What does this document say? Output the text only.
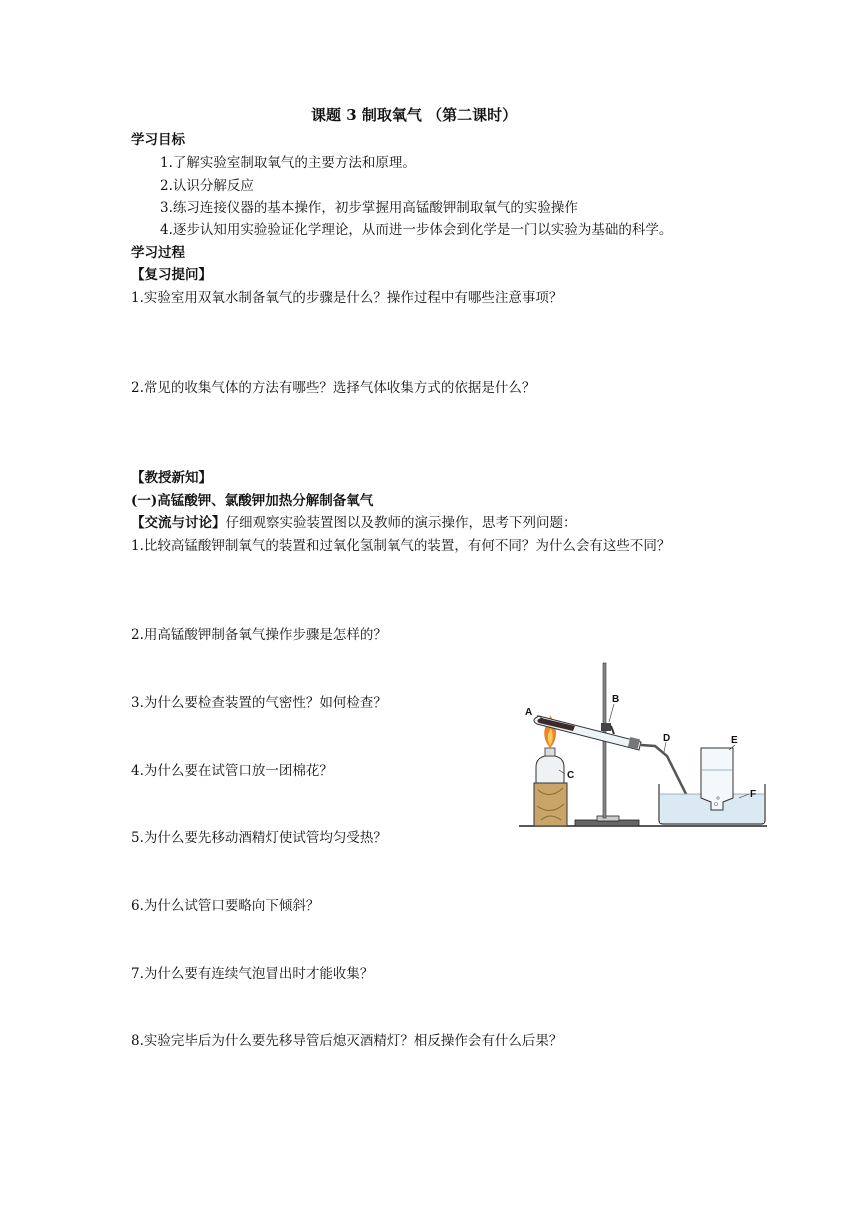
课题 3 制取氧气 （第二课时）
学习目标
1.了解实验室制取氧气的主要方法和原理。
2.认识分解反应
3.练习连接仪器的基本操作，初步掌握用高锰酸钾制取氧气的实验操作
4.逐步认知用实验验证化学理论，从而进一步体会到化学是一门以实验为基础的科学。
学习过程
【复习提问】
1.实验室用双氧水制备氧气的步骤是什么？操作过程中有哪些注意事项？
2.常见的收集气体的方法有哪些？选择气体收集方式的依据是什么？
【教授新知】
(一)高锰酸钾、氯酸钾加热分解制备氧气
【交流与讨论】仔细观察实验装置图以及教师的演示操作，思考下列问题：
1.比较高锰酸钾制氧气的装置和过氧化氢制氧气的装置，有何不同？为什么会有这些不同？
2.用高锰酸钾制备氧气操作步骤是怎样的？
3.为什么要检查装置的气密性？如何检查？
4.为什么要在试管口放一团棉花？
5.为什么要先移动酒精灯使试管均匀受热？
6.为什么试管口要略向下倾斜？
7.为什么要有连续气泡冒出时才能收集？
8.实验完毕后为什么要先移导管后熄灭酒精灯？相反操作会有什么后果？
A
B
C
D	E
F
